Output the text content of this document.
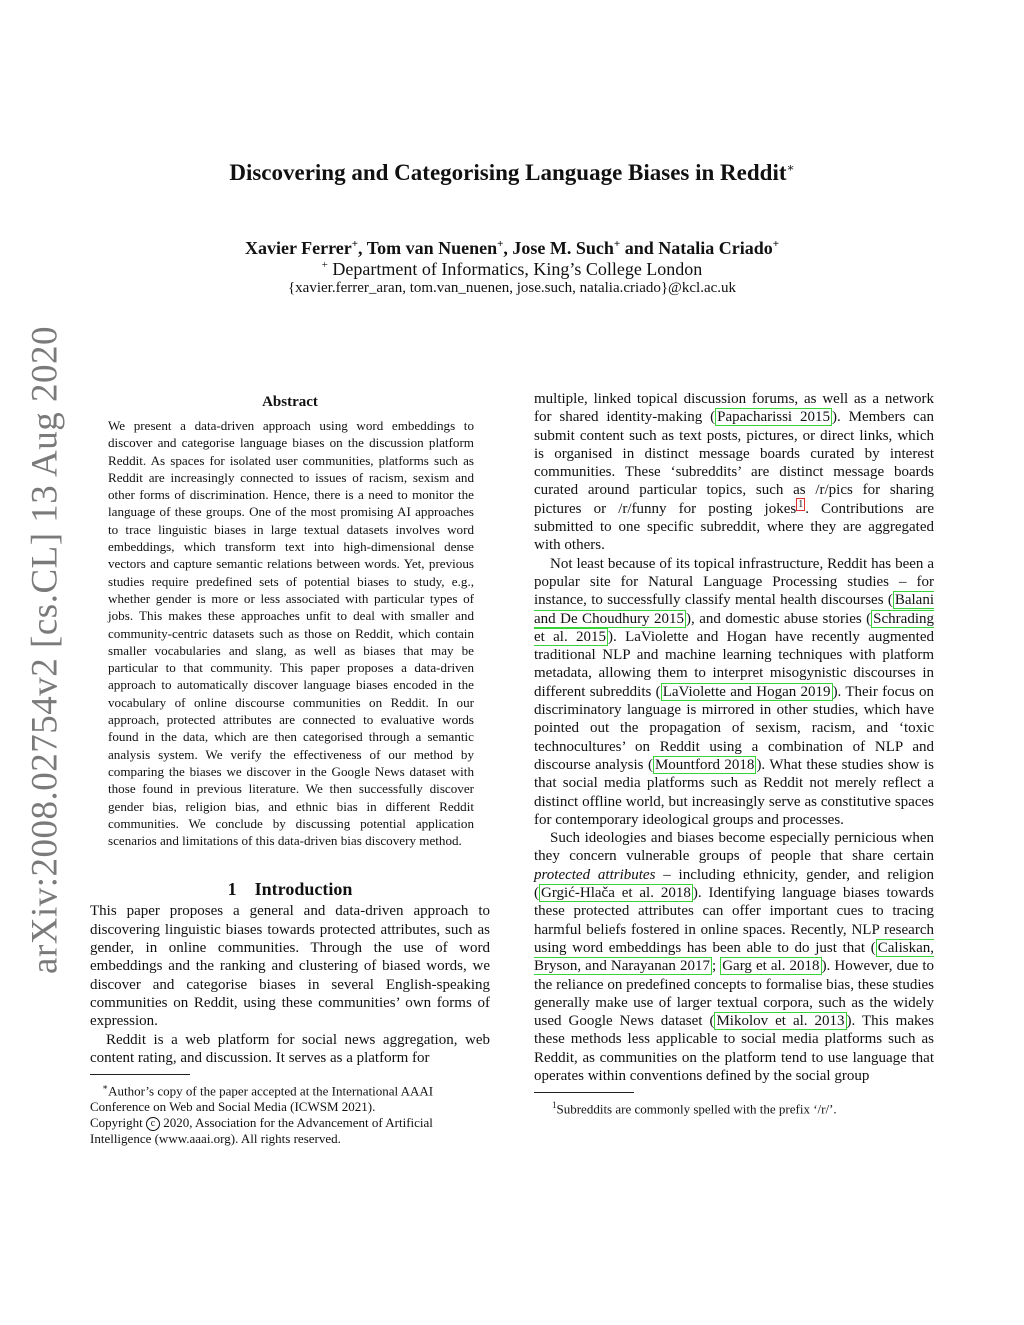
arXiv:2008.02754v2 [cs.CL] 13 Aug 2020
Discovering and Categorising Language Biases in Reddit∗
Xavier Ferrer+, Tom van Nuenen+, Jose M. Such+ and Natalia Criado+
+ Department of Informatics, King’s College London
{xavier.ferrer_aran, tom.van_nuenen, jose.such, natalia.criado}@kcl.ac.uk
Abstract

We present a data-driven approach using word embeddings to discover and categorise language biases on the discussion platform Reddit. As spaces for isolated user communities, platforms such as Reddit are increasingly connected to issues of racism, sexism and other forms of discrimination. Hence, there is a need to monitor the language of these groups. One of the most promising AI approaches to trace linguistic biases in large textual datasets involves word embeddings, which transform text into high-dimensional dense vectors and capture semantic relations between words. Yet, previous studies require predefined sets of potential biases to study, e.g., whether gender is more or less associated with particular types of jobs. This makes these approaches unfit to deal with smaller and community-centric datasets such as those on Reddit, which contain smaller vocabularies and slang, as well as biases that may be particular to that community. This paper proposes a data-driven approach to automatically discover language biases encoded in the vocabulary of online discourse communities on Reddit. In our approach, protected attributes are connected to evaluative words found in the data, which are then categorised through a semantic analysis system. We verify the effectiveness of our method by comparing the biases we discover in the Google News dataset with those found in previous literature. We then successfully discover gender bias, religion bias, and ethnic bias in different Reddit communities. We conclude by discussing potential application scenarios and limitations of this data-driven bias discovery method.

1 Introduction

This paper proposes a general and data-driven approach to discovering linguistic biases towards protected attributes, such as gender, in online communities. Through the use of word embeddings and the ranking and clustering of biased words, we discover and categorise biases in several English-speaking communities on Reddit, using these communities’ own forms of expression.

Reddit is a web platform for social news aggregation, web content rating, and discussion. It serves as a platform for

∗Author’s copy of the paper accepted at the International AAAI Conference on Web and Social Media (ICWSM 2021).
Copyright c 2020, Association for the Advancement of Artificial Intelligence (www.aaai.org). All rights reserved.

multiple, linked topical discussion forums, as well as a network for shared identity-making ( Papacharissi 2015 ). Members can submit content such as text posts, pictures, or direct links, which is organised in distinct message boards curated by interest communities. These ‘subreddits’ are distinct message boards curated around particular topics, such as /r/pics for sharing pictures or /r/funny for posting jokes $^1$ . Contributions are submitted to one specific subreddit, where they are aggregated with others.

Not least because of its topical infrastructure, Reddit has been a popular site for Natural Language Processing studies – for instance, to successfully classify mental health discourses ( Balani and De Choudhury 2015 ), and domestic abuse stories ( Schrading et al. 2015 ). LaViolette and Hogan have recently augmented traditional NLP and machine learning techniques with platform metadata, allowing them to interpret misogynistic discourses in different subreddits ( LaViolette and Hogan 2019 ). Their focus on discriminatory language is mirrored in other studies, which have pointed out the propagation of sexism, racism, and ‘toxic technocultures’ on Reddit using a combination of NLP and discourse analysis ( Mountford 2018 ). What these studies show is that social media platforms such as Reddit not merely reflect a distinct offline world, but increasingly serve as constitutive spaces for contemporary ideological groups and processes.

Such ideologies and biases become especially pernicious when they concern vulnerable groups of people that share certain protected attributes – including ethnicity, gender, and religion ( Grgić-Hlača et al. 2018 ). Identifying language biases towards these protected attributes can offer important cues to tracing harmful beliefs fostered in online spaces. Recently, NLP research using word embeddings has been able to do just that ( Caliskan, Bryson, and Narayanan 2017 ; Garg et al. 2018 ). However, due to the reliance on predefined concepts to formalise bias, these studies generally make use of larger textual corpora, such as the widely used Google News dataset ( Mikolov et al. 2013 ). This makes these methods less applicable to social media platforms such as Reddit, as communities on the platform tend to use language that operates within conventions defined by the social group

$^1$Subreddits are commonly spelled with the prefix ‘/r/’.
